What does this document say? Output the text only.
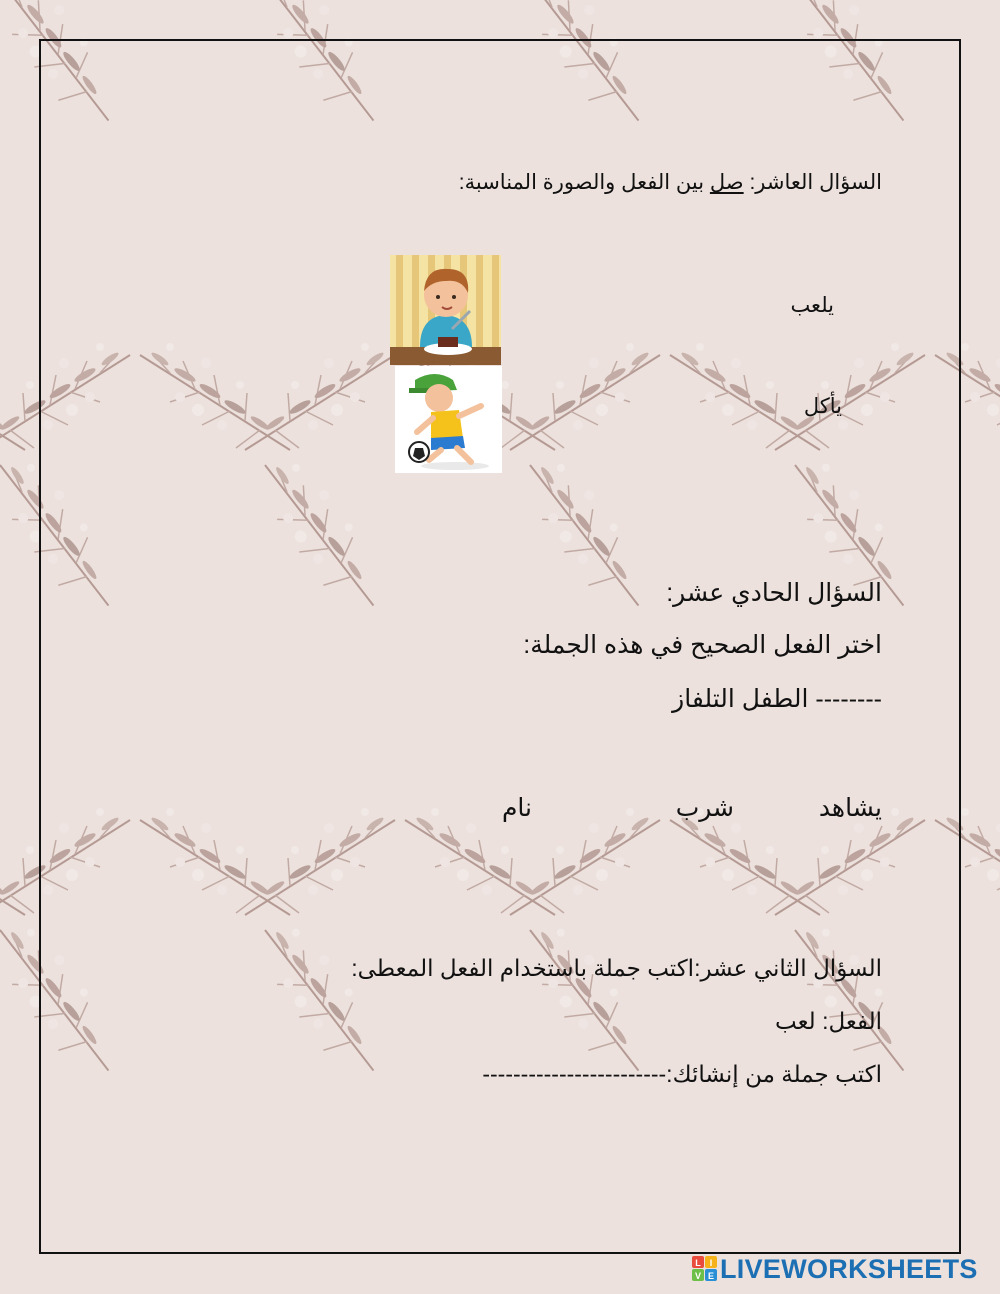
السؤال العاشر: صل بين الفعل والصورة المناسبة:
يلعب
يأكل
السؤال الحادي عشر:
اختر الفعل الصحيح في هذه الجملة:
-------- الطفل التلفاز
يشاهد
شرب
نام
السؤال الثاني عشر:اكتب جملة باستخدام الفعل المعطى:
الفعل: لعب
اكتب جملة من إنشائك:------------------------
L I
V E LIVEWORKSHEETS
